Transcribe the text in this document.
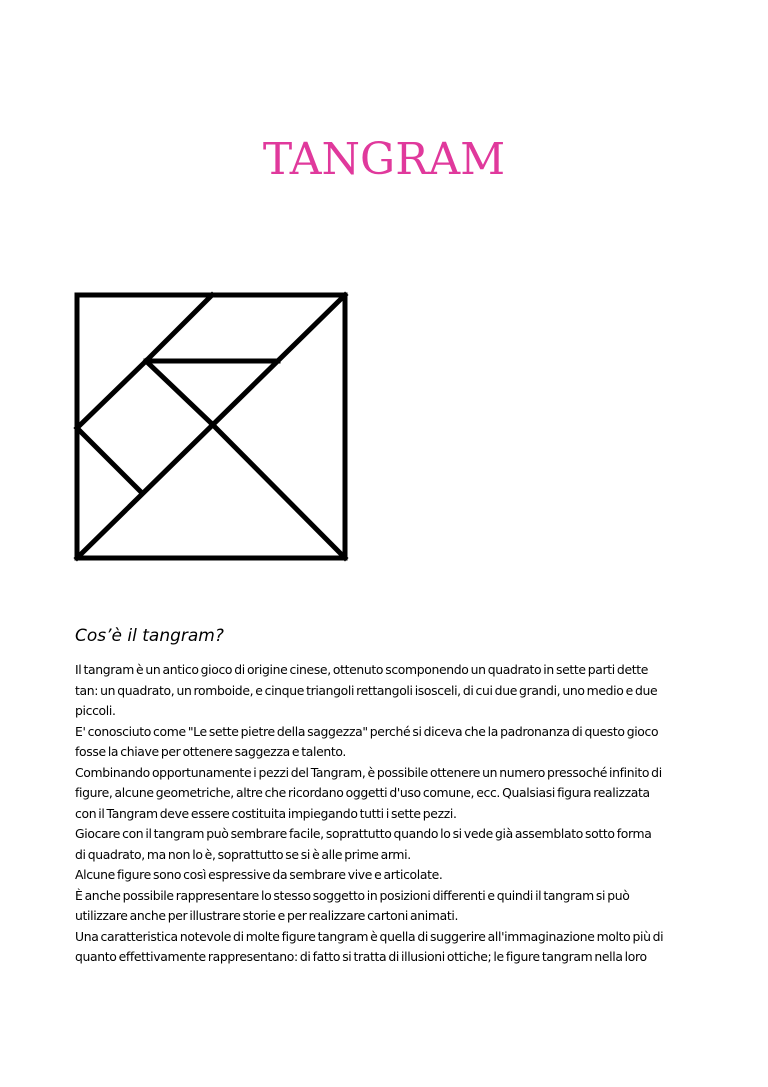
TANGRAM
Cos’è il tangram?
Il tangram è un antico gioco di origine cinese, ottenuto scomponendo un quadrato in sette parti dette
tan: un quadrato, un romboide, e cinque triangoli rettangoli isosceli, di cui due grandi, uno medio e due
piccoli.
E' conosciuto come "Le sette pietre della saggezza" perché si diceva che la padronanza di questo gioco
fosse la chiave per ottenere saggezza e talento.
Combinando opportunamente i pezzi del Tangram, è possibile ottenere un numero pressoché infinito di
figure, alcune geometriche, altre che ricordano oggetti d'uso comune, ecc. Qualsiasi figura realizzata
con il Tangram deve essere costituita impiegando tutti i sette pezzi.
Giocare con il tangram può sembrare facile, soprattutto quando lo si vede già assemblato sotto forma
di quadrato, ma non lo è, soprattutto se si è alle prime armi.
Alcune figure sono così espressive da sembrare vive e articolate.
È anche possibile rappresentare lo stesso soggetto in posizioni differenti e quindi il tangram si può
utilizzare anche per illustrare storie e per realizzare cartoni animati.
Una caratteristica notevole di molte figure tangram è quella di suggerire all'immaginazione molto più di
quanto effettivamente rappresentano: di fatto si tratta di illusioni ottiche; le figure tangram nella loro
